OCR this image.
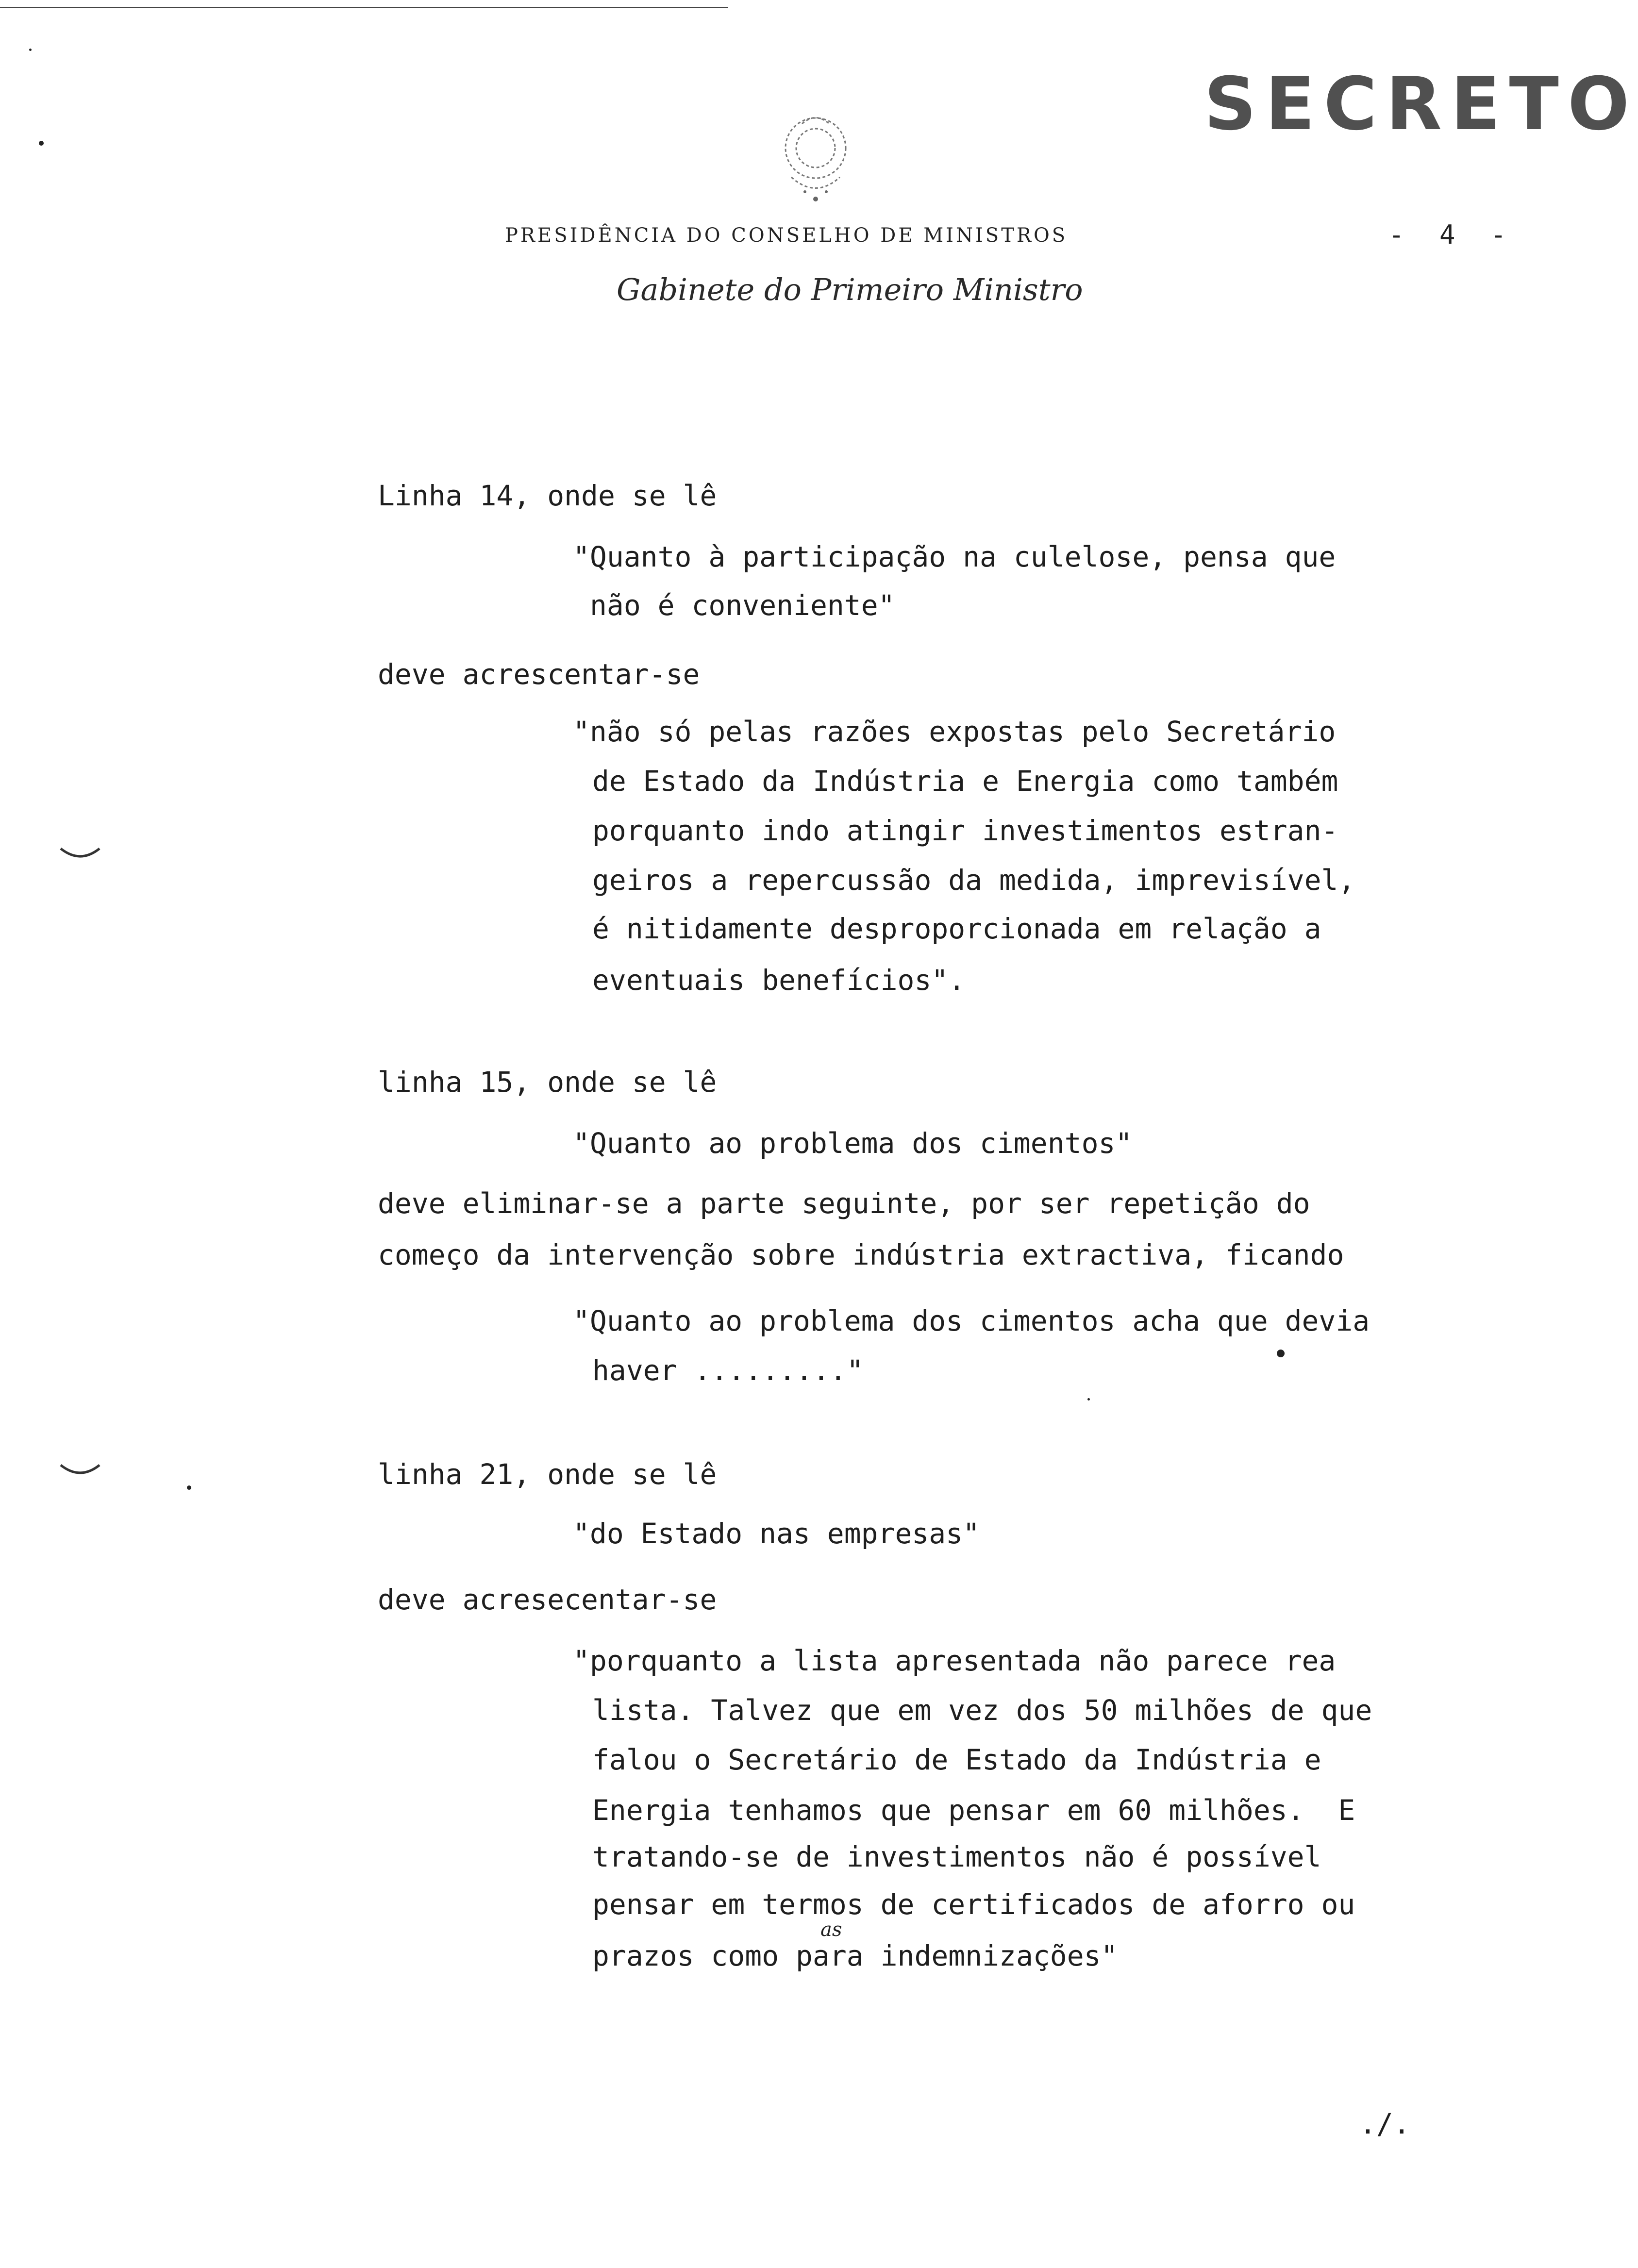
SECRETO
PRESIDÊNCIA DO CONSELHO DE MINISTROS	- 4 -
Gabinete do Primeiro Ministro
Linha 14, onde se lê
"Quanto à participação na culelose, pensa que
não é conveniente"
deve acrescentar-se
"não só pelas razões expostas pelo Secretário
de Estado da Indústria e Energia como também
porquanto indo atingir investimentos estran-
geiros a repercussão da medida, imprevisível,
é nitidamente desproporcionada em relação a
eventuais benefícios".
linha 15, onde se lê
"Quanto ao problema dos cimentos"
deve eliminar-se a parte seguinte, por ser repetição do
começo da intervenção sobre indústria extractiva, ficando
"Quanto ao problema dos cimentos acha que devia
haver ........."
linha 21, onde se lê
"do Estado nas empresas"
deve acresecentar-se
"porquanto a lista apresentada não parece rea
lista. Talvez que em vez dos 50 milhões de que
falou o Secretário de Estado da Indústria e
Energia tenhamos que pensar em 60 milhões.  E
tratando-se de investimentos não é possível
pensar em termos de certificados de aforro ou
prazos como para indemnizações"
as
./.
